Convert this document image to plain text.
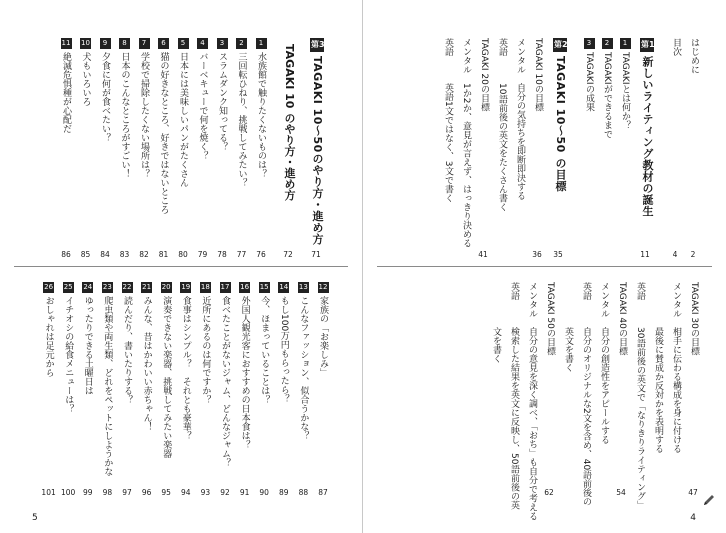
第3章TAGAKI 10〜50のやり方・進め方
71
TAGAKI 10 のやり方・進め方
72
1水族館で触りたくないものは？
76
2三回転ひねり、挑戦してみたい？
77
3スラムダンク知ってる？
78
4バーベキューで何を焼く？
79
5日本には美味しいパンがたくさん
80
6猫の好きなところ、好きではないところ
81
7学校で掃除したくない場所は？
82
8日本のこんなところがすごい！
83
9夕食に何が食べたい？
84
10犬もいろいろ
85
11絶滅危惧種が心配だ
86
12家族の「お楽しみ」
87
13こんなファッション、似合うかな？
88
14もし100万円もらったら？
89
15今、ほまっていることは？
90
16外国人観光客におすすめの日本食は？
91
17食べたことがないジャム、どんなジャム？
92
18近所にあるのは何ですか？
93
19食事はシンプル？　それとも豪華？
94
20演奏できない楽器、挑戦してみたい楽器
95
21みんな、昔はかわいい赤ちゃん！
96
22読んだり、書いたりする？
97
23爬虫類や両生類、どれをペットにしようかな
98
24ゆったりできる土曜日は
99
25イチオシの給食メニューは？
100
26おしゃれは足元から
101
5
はじめに
2
目次
4
第1章新しいライティング教材の誕生
11
1TAGAKIとは何か？
2TAGAKIができるまで
3TAGAKIの成果
第2章TAGAKI 10〜50 の目標
35
TAGAKI 10の目標
36
メンタル　自分の気持ちを即断即決する
英語　　　10語前後の英文をたくさん書く
TAGAKI 20の目標
41
メンタル　1か2か、意見が言えず、はっきり決める
英語　　　英語1文ではなく、3文で書く
TAGAKI 30の目標
47
メンタル　相手に伝わる構成を身に付ける
　　　　　最後に賛成か反対かを表明する
英語　　　30語前後の英文で「なりきりライティング」
TAGAKI 40の目標
54
メンタル　自分の創造性をアピールする
英語　　　自分のオリジナルな2文を含め、40語前後の
　　　　　英文を書く
TAGAKI 50の目標
62
メンタル　自分の意見を深く調べ、「おち」も自分で考える
英語　　　検索した結果を英文に反映し、50語前後の英
　　　　　文を書く
4
